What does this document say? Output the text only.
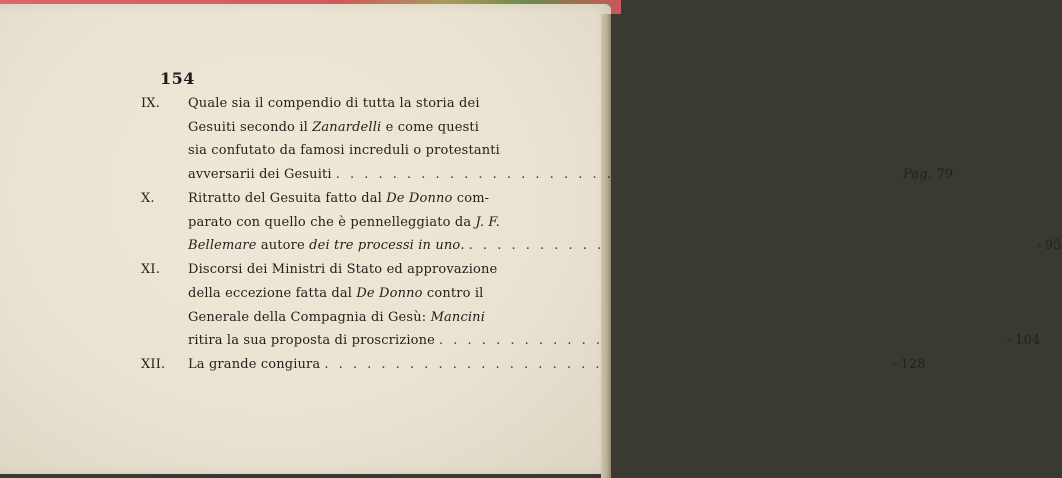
154
IX.	Quale sia il compendio di tutta la storia dei
Gesuiti secondo il Zanardelli e come questi
sia confutato da famosi increduli o protestanti
avversarii dei Gesuiti . . . . . . . . . . . . . . . . . . . . . . . . . . . . . . . . . . . . . . . . Pag. 79
X.	Ritratto del Gesuita fatto dal De Donno com-
parato con quello che è pennelleggiato da J. F.
Bellemare autore dei tre processi in uno. . . . . . . . . . . . . . . . . . . . . . . . . . . . . . . . . . . . . . . . . » 95
XI.	Discorsi dei Ministri di Stato ed approvazione
della eccezione fatta dal De Donno contro il
Generale della Compagnia di Gesù: Mancini
ritira la sua proposta di proscrizione . . . . . . . . . . . . . . . . . . . . . . . . . . . . . . . . . . . . . . . . » 104
XII.	La grande congiura . . . . . . . . . . . . . . . . . . . . . . . . . . . . . . . . . . . . . . . . » 128
